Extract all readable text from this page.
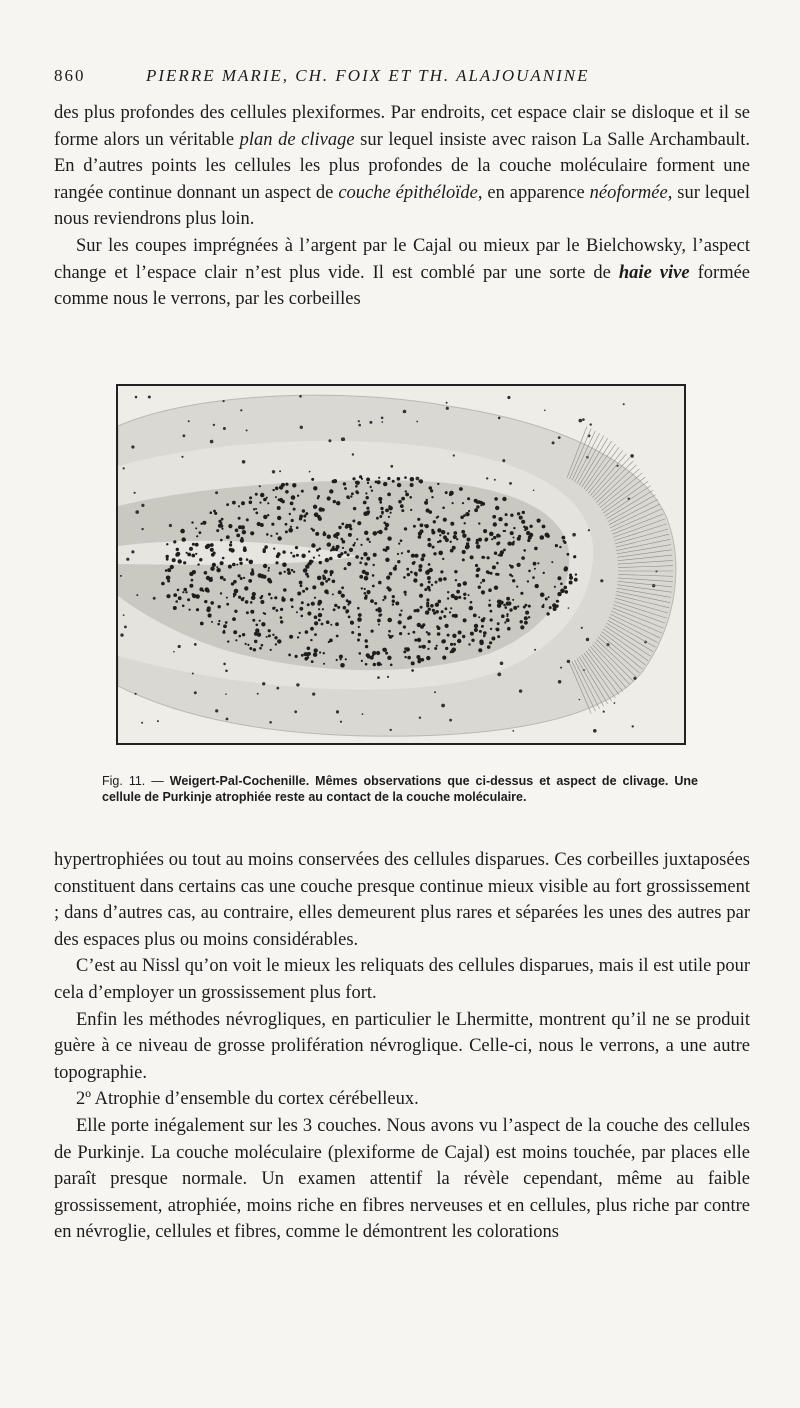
860	PIERRE MARIE, CH. FOIX ET TH. ALAJOUANINE

des plus profondes des cellules plexiformes. Par endroits, cet espace clair se disloque et il se forme alors un véritable plan de clivage sur lequel insiste avec raison La Salle Archambault. En d’autres points les cellules les plus profondes de la couche moléculaire forment une rangée continue donnant un aspect de couche épithéloïde, en apparence néoformée, sur lequel nous reviendrons plus loin.

Sur les coupes imprégnées à l’argent par le Cajal ou mieux par le Bielchowsky, l’aspect change et l’espace clair n’est plus vide. Il est comblé par une sorte de haie vive formée comme nous le verrons, par les corbeilles

Fig. 11. — Weigert-Pal-Cochenille. Mêmes observations que ci-dessus et aspect de clivage. Une cellule de Purkinje atrophiée reste au contact de la couche moléculaire.

hypertrophiées ou tout au moins conservées des cellules disparues. Ces corbeilles juxtaposées constituent dans certains cas une couche presque continue mieux visible au fort grossissement ; dans d’autres cas, au contraire, elles demeurent plus rares et séparées les unes des autres par des espaces plus ou moins considérables.

C’est au Nissl qu’on voit le mieux les reliquats des cellules disparues, mais il est utile pour cela d’employer un grossissement plus fort.

Enfin les méthodes névrogliques, en particulier le Lhermitte, montrent qu’il ne se produit guère à ce niveau de grosse prolifération névroglique. Celle-ci, nous le verrons, a une autre topographie.

2º Atrophie d’ensemble du cortex cérébelleux.

Elle porte inégalement sur les 3 couches. Nous avons vu l’aspect de la couche des cellules de Purkinje. La couche moléculaire (plexiforme de Cajal) est moins touchée, par places elle paraît presque normale. Un examen attentif la révèle cependant, même au faible grossissement, atrophiée, moins riche en fibres nerveuses et en cellules, plus riche par contre en névroglie, cellules et fibres, comme le démontrent les colorations
